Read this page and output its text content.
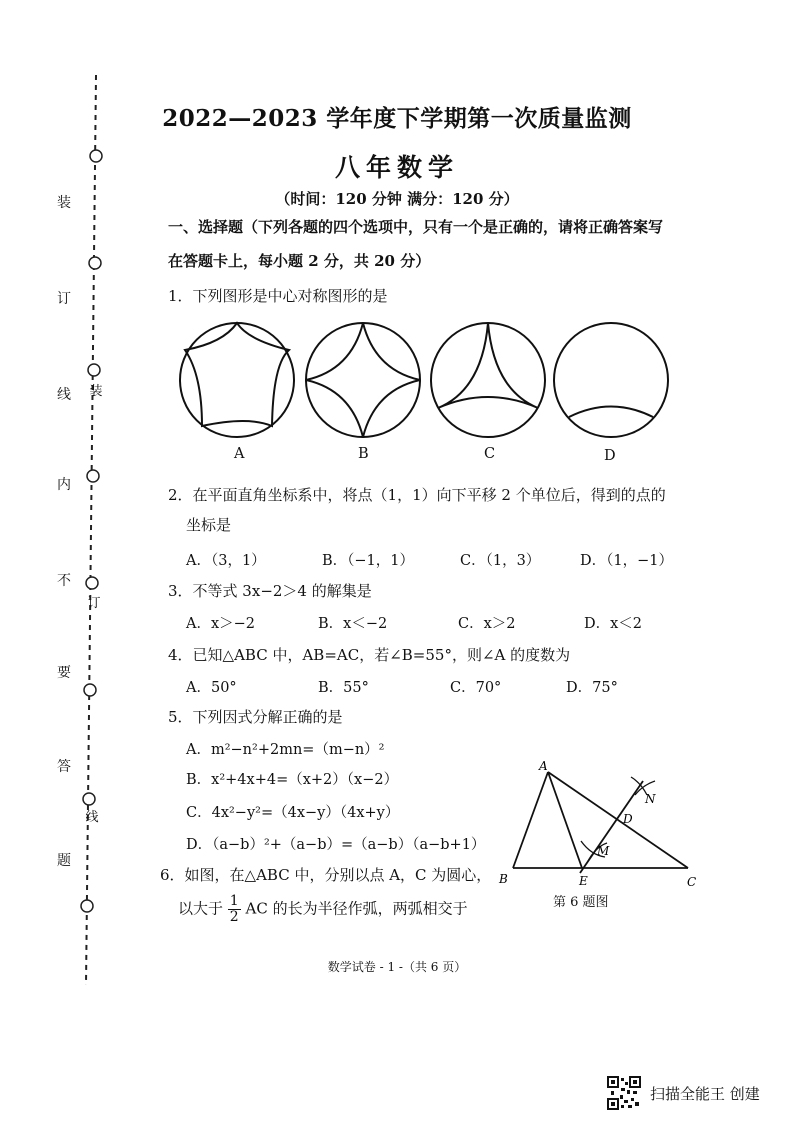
装
订
线
内
不
要
答
题
装
订
线
2022—2023 学年度下学期第一次质量监测
八年数学
（时间：120 分钟 满分：120 分）
一、选择题（下列各题的四个选项中，只有一个是正确的，请将正确答案写
在答题卡上，每小题 2 分，共 20 分）
1．下列图形是中心对称图形的是
A	B	C	D
2．在平面直角坐标系中，将点（1，1）向下平移 2 个单位后，得到的点的
坐标是
A．（3，1）	B．（−1，1）	C．（1，3）	D．（1，−1）
3．不等式 3x−2＞4 的解集是
A．x＞−2	B．x＜−2	C．x＞2	D．x＜2
4．已知△ABC 中，AB=AC，若∠B=55°，则∠A 的度数为
A．50°	B．55°	C．70°	D．75°
5．下列因式分解正确的是
A．m²−n²+2mn=（m−n）²
B．x²+4x+4=（x+2）（x−2）
C．4x²−y²=（4x−y）（4x+y）
D．（a−b）²+（a−b）=（a−b）（a−b+1）
6．如图，在△ABC 中，分别以点 A，C 为圆心，
以大于 $\frac{1}{2}$ AC 的长为半径作弧，两弧相交于
A
B	C
D
E
M
N
第 6 题图
数学试卷 - 1 -（共 6 页）
扫描全能王 创建
